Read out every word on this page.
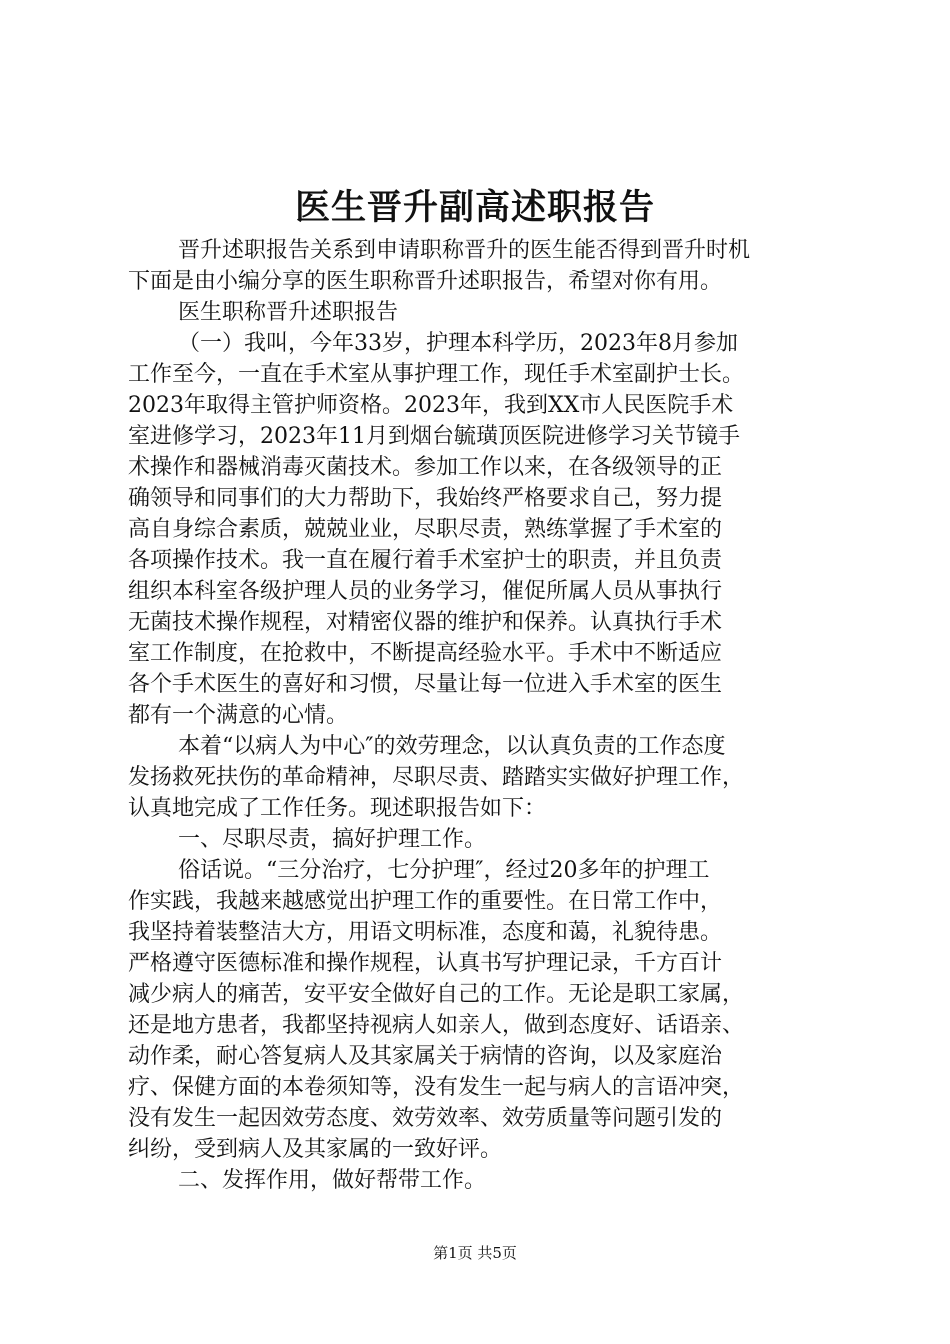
医生晋升副高述职报告
晋升述职报告关系到申请职称晋升的医生能否得到晋升时机
下面是由小编分享的医生职称晋升述职报告，希望对你有用。
医生职称晋升述职报告
（一）我叫，今年33岁，护理本科学历，2023年8月参加
工作至今，一直在手术室从事护理工作，现任手术室副护士长。
2023年取得主管护师资格。2023年，我到XX市人民医院手术
室进修学习，2023年11月到烟台毓璜顶医院进修学习关节镜手
术操作和器械消毒灭菌技术。参加工作以来，在各级领导的正
确领导和同事们的大力帮助下，我始终严格要求自己，努力提
高自身综合素质，兢兢业业，尽职尽责，熟练掌握了手术室的
各项操作技术。我一直在履行着手术室护士的职责，并且负责
组织本科室各级护理人员的业务学习，催促所属人员从事执行
无菌技术操作规程，对精密仪器的维护和保养。认真执行手术
室工作制度，在抢救中，不断提高经验水平。手术中不断适应
各个手术医生的喜好和习惯，尽量让每一位进入手术室的医生
都有一个满意的心情。
本着“以病人为中心″的效劳理念，以认真负责的工作态度
发扬救死扶伤的革命精神，尽职尽责、踏踏实实做好护理工作，
认真地完成了工作任务。现述职报告如下：
一、尽职尽责，搞好护理工作。
俗话说。“三分治疗，七分护理″，经过20多年的护理工
作实践，我越来越感觉出护理工作的重要性。在日常工作中，
我坚持着装整洁大方，用语文明标准，态度和蔼，礼貌待患。
严格遵守医德标准和操作规程，认真书写护理记录，千方百计
减少病人的痛苦，安平安全做好自己的工作。无论是职工家属，
还是地方患者，我都坚持视病人如亲人，做到态度好、话语亲、
动作柔，耐心答复病人及其家属关于病情的咨询，以及家庭治
疗、保健方面的本卷须知等，没有发生一起与病人的言语冲突，
没有发生一起因效劳态度、效劳效率、效劳质量等问题引发的
纠纷，受到病人及其家属的一致好评。
二、发挥作用，做好帮带工作。
第1页 共5页
